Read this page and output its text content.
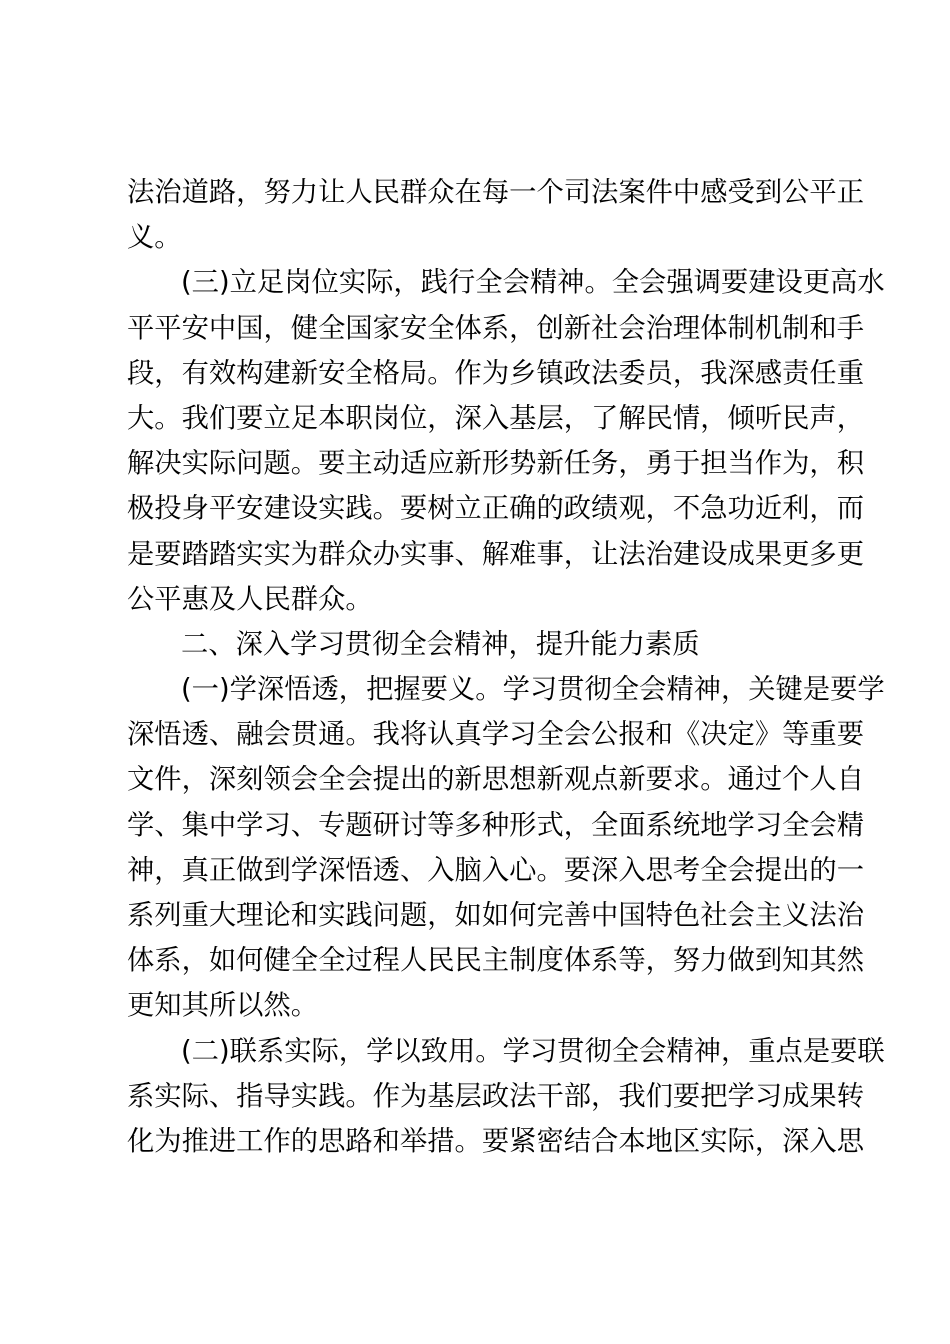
法治道路，努力让人民群众在每一个司法案件中感受到公平正
义。
(三)立足岗位实际，践行全会精神。全会强调要建设更高水
平平安中国，健全国家安全体系，创新社会治理体制机制和手
段，有效构建新安全格局。作为乡镇政法委员，我深感责任重
大。我们要立足本职岗位，深入基层，了解民情，倾听民声，
解决实际问题。要主动适应新形势新任务，勇于担当作为，积
极投身平安建设实践。要树立正确的政绩观，不急功近利，而
是要踏踏实实为群众办实事、解难事，让法治建设成果更多更
公平惠及人民群众。
二、深入学习贯彻全会精神，提升能力素质
(一)学深悟透，把握要义。学习贯彻全会精神，关键是要学
深悟透、融会贯通。我将认真学习全会公报和《决定》等重要
文件，深刻领会全会提出的新思想新观点新要求。通过个人自
学、集中学习、专题研讨等多种形式，全面系统地学习全会精
神，真正做到学深悟透、入脑入心。要深入思考全会提出的一
系列重大理论和实践问题，如如何完善中国特色社会主义法治
体系，如何健全全过程人民民主制度体系等，努力做到知其然
更知其所以然。
(二)联系实际，学以致用。学习贯彻全会精神，重点是要联
系实际、指导实践。作为基层政法干部，我们要把学习成果转
化为推进工作的思路和举措。要紧密结合本地区实际，深入思
